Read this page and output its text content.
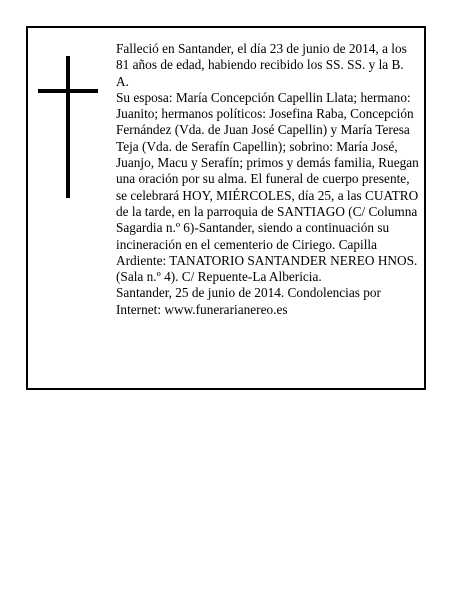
Falleció en Santander, el día 23 de junio de 2014, a los 81 años de edad, habiendo recibido los SS. SS. y la B. A.

Su esposa: María Concepción Capellin Llata; hermano: Juanito; hermanos políticos: Josefina Raba, Concepción Fernández (Vda. de Juan José Capellin) y María Teresa Teja (Vda. de Serafín Capellin); sobrino: María José, Juanjo, Macu y Serafín; primos y demás familia, Ruegan una oración por su alma. El funeral de cuerpo presente, se celebrará HOY, MIÉRCOLES, día 25, a las CUATRO de la tarde, en la parroquia de SANTIAGO (C/ Columna Sagardia n.º 6)-Santander, siendo a continuación su incineración en el cementerio de Ciriego. Capilla Ardiente: TANATORIO SANTANDER NEREO HNOS. (Sala n.º 4). C/ Repuente-La Albericia.

Santander, 25 de junio de 2014. Condolencias por Internet: www.funerarianereo.es
